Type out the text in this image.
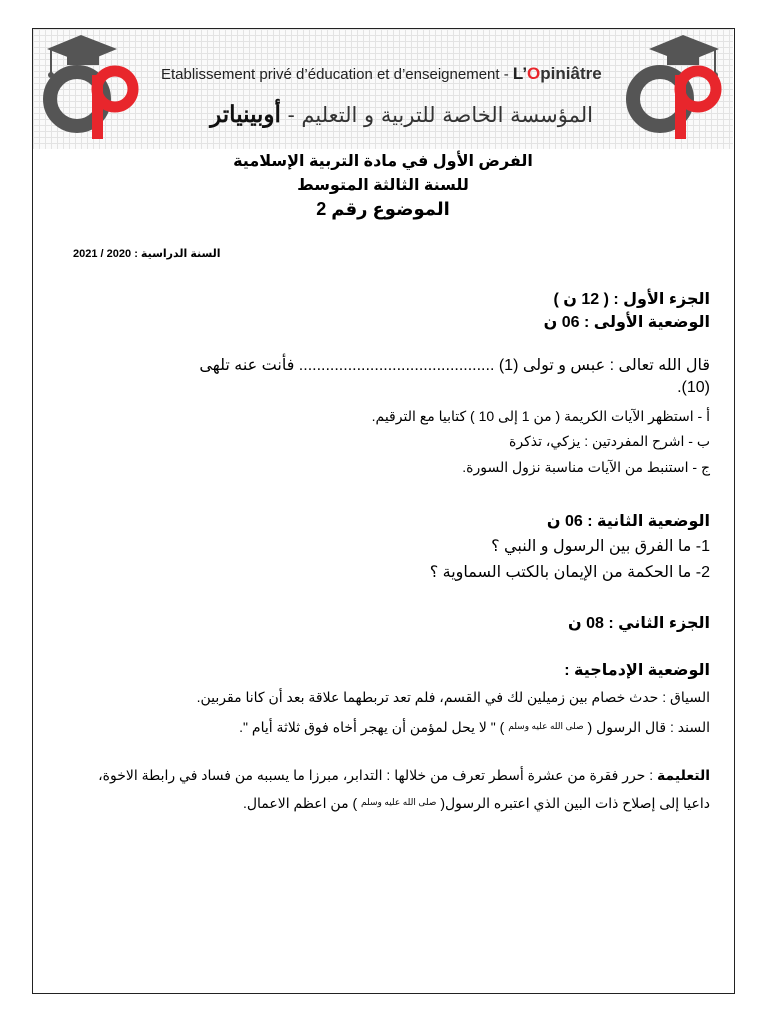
Etablissement privé d’éducation et d’enseignement - L’Opiniâtre
المؤسسة الخاصة للتربية و التعليم - أوبينياتر
الفرض الأول في مادة التربية الإسلامية
للسنة الثالثة المتوسط
الموضوع رقم 2
السنة الدراسية : 2020 / 2021
الجزء الأول : ( 12 ن )
الوضعية الأولى : 06 ن
قال الله تعالى : عبس و تولى (1) ............................................ فأنت عنه تلهى
(10).
أ - استظهر الآيات الكريمة ( من 1 إلى 10 ) كتابيا مع الترقيم.
ب - اشرح المفردتين : يزكي، تذكرة
ج - استنبط من الآيات مناسبة نزول السورة.
الوضعية الثانية : 06 ن
1- ما الفرق بين الرسول و النبي ؟
2- ما الحكمة من الإيمان بالكتب السماوية ؟
الجزء الثاني : 08 ن
الوضعية الإدماجية :
السياق : حدث خصام بين زميلين لك في القسم، فلم تعد تربطهما علاقة بعد أن كانا مقربين.
السند : قال الرسول ( $^{صلى الله عليه وسلم}$ ) " لا يحل لمؤمن أن يهجر أخاه فوق ثلاثة أيام ".
التعليمة : حرر فقرة من عشرة أسطر تعرف من خلالها : التدابر، مبرزا ما يسببه من فساد في رابطة الاخوة،
داعيا إلى إصلاح ذات البين الذي اعتبره الرسول( $^{صلى الله عليه وسلم}$ ) من اعظم الاعمال.
